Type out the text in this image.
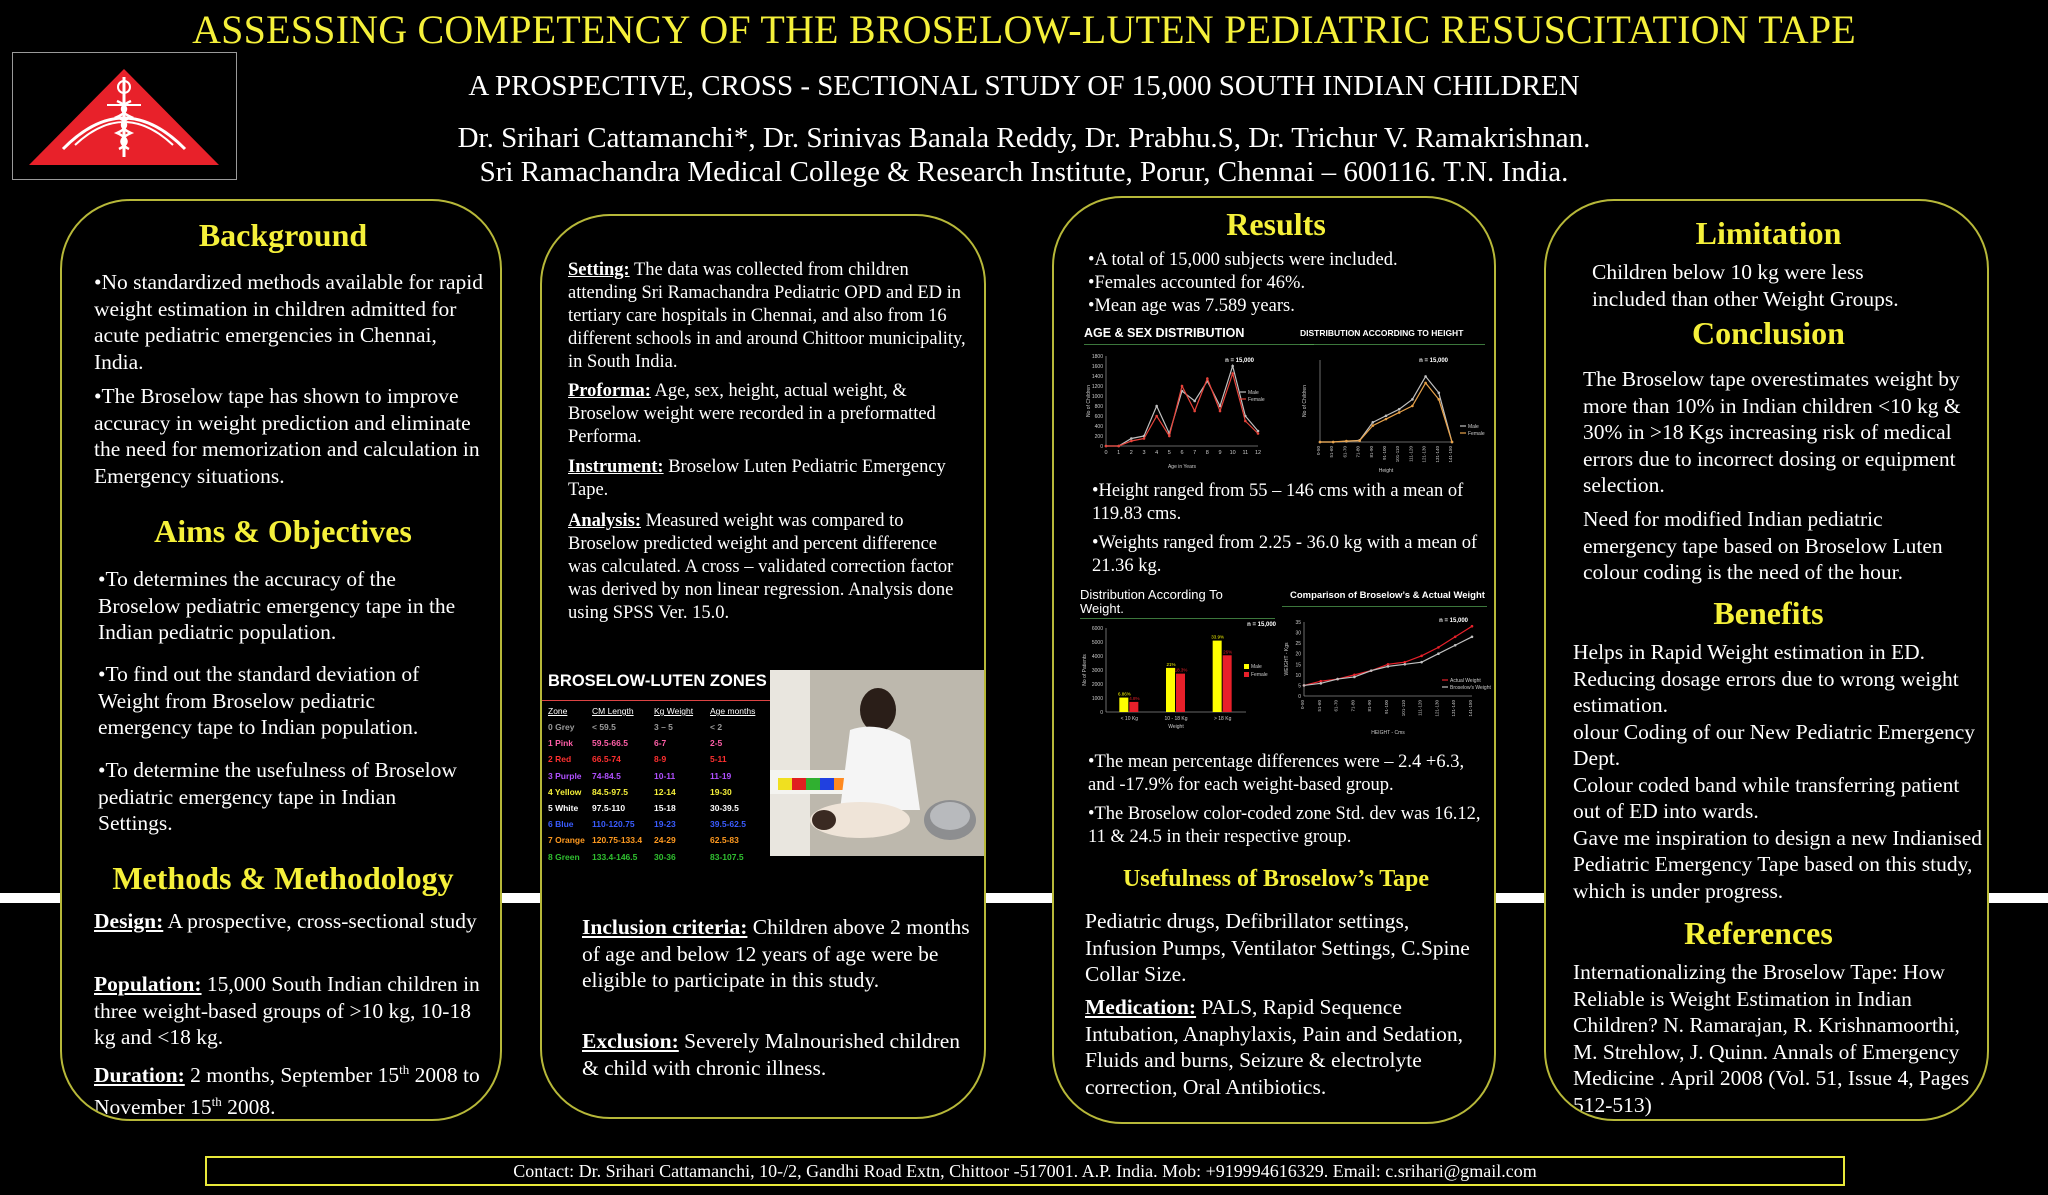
ASSESSING COMPETENCY OF THE BROSELOW-LUTEN PEDIATRIC RESUSCITATION TAPE
A PROSPECTIVE, CROSS - SECTIONAL STUDY OF 15,000 SOUTH INDIAN CHILDREN
Dr. Srihari Cattamanchi*, Dr. Srinivas Banala Reddy, Dr. Prabhu.S, Dr. Trichur V. Ramakrishnan.
Sri Ramachandra Medical College & Research Institute, Porur, Chennai – 600116. T.N. India.
Background
•No standardized methods available for rapid weight estimation in children admitted for acute pediatric emergencies in Chennai, India.
•The Broselow tape has shown to improve accuracy in weight prediction and eliminate the need for memorization and calculation in Emergency situations.
Aims & Objectives
•To determines the accuracy of the Broselow pediatric emergency tape in the Indian pediatric population.
•To find out the standard deviation of Weight from Broselow pediatric emergency tape to Indian population.
•To determine the usefulness of Broselow pediatric emergency tape in Indian Settings.
Methods & Methodology
Design: A prospective, cross-sectional study
Population: 15,000 South Indian children in three weight-based groups of >10 kg, 10-18 kg and <18 kg.
Duration: 2 months, September 15th 2008 to November 15th 2008.
Setting: The data was collected from children attending Sri Ramachandra Pediatric OPD and ED in tertiary care hospitals in Chennai, and also from 16 different schools in and around Chittoor municipality, in South India.
Proforma: Age, sex, height, actual weight, & Broselow weight were recorded in a preformatted Performa.
Instrument: Broselow Luten Pediatric Emergency Tape.
Analysis: Measured weight was compared to Broselow predicted weight and percent difference was calculated. A cross – validated correction factor was derived by non linear regression. Analysis done using SPSS Ver. 15.0.
BROSELOW-LUTEN ZONES
Zone	CM Length	Kg Weight	Age months
0 Grey	< 59.5	3 – 5	< 2
1 Pink	59.5-66.5	6-7	2-5
2 Red	66.5-74	8-9	5-11
3 Purple	74-84.5	10-11	11-19
4 Yellow	84.5-97.5	12-14	19-30
5 White	97.5-110	15-18	30-39.5
6 Blue	110-120.75	19-23	39.5-62.5
7 Orange 120.75-133.4	24-29	62.5-83
8 Green	133.4-146.5	30-36	83-107.5
Inclusion criteria: Children above 2 months of age and below 12 years of age were be eligible to participate in this study.
Exclusion: Severely Malnourished children & child with chronic illness.
Results
•A total of 15,000 subjects were included.
•Females accounted for 46%.
•Mean age was 7.589 years.
AGE & SEX DISTRIBUTION
0
200
400
600
800
1000
1200
1400
1600
1800
0 1 2 3 4 5 6 7 8 9 10 11 12
Male
Female
n = 15,000
Age in Years
No of Children
DISTRIBUTION ACCORDING TO HEIGHT
0-50 51-60 61-70 71-80 81-90 91-100 101-110 111-120 121-130 131-140 141-150
Male
Female
n = 15,000
Height
No of Children
•Height ranged from 55 – 146 cms with a mean of 119.83 cms.
•Weights ranged from 2.25 - 36.0 kg with a mean of 21.36 kg.
Distribution According To Weight.
0
1000
2000
3000
4000
5000
6000
< 10 Kg
6.86%
4.8%
10 - 18 Kg
21%
18.3%
> 18 Kg
33.9%
26%
Male
Female
n = 15,000
Weight
No of Patients
Comparison of Broselow’s & Actual Weight
0
5
10
15
20
25
30
35
0-50	51-60	61-70	71-80	81-90	91-100	101-110	111-120	121-130	131-140	141-150
Actual Weight
Broselow's Weight
n = 15,000
HEIGHT - Cms
WEIGHT - Kgs
•The mean percentage differences were – 2.4 +6.3, and -17.9% for each weight-based group.
•The Broselow color-coded zone Std. dev was 16.12, 11 & 24.5 in their respective group.
Usefulness of Broselow’s Tape
Pediatric drugs, Defibrillator settings, Infusion Pumps, Ventilator Settings, C.Spine Collar Size.
Medication: PALS, Rapid Sequence Intubation, Anaphylaxis, Pain and Sedation, Fluids and burns, Seizure & electrolyte correction, Oral Antibiotics.
Limitation
Children below 10 kg were less included than other Weight Groups.
Conclusion
The Broselow tape overestimates weight by more than 10% in Indian children <10 kg & 30% in >18 Kgs increasing risk of medical errors due to incorrect dosing or equipment selection.
Need for modified Indian pediatric emergency tape based on Broselow Luten colour coding is the need of the hour.
Benefits
Helps in Rapid Weight estimation in ED.
Reducing dosage errors due to wrong weight estimation.
olour Coding of our New Pediatric Emergency Dept.
Colour coded band while transferring patient out of ED into wards.
Gave me inspiration to design a new Indianised Pediatric Emergency Tape based on this study, which is under progress.
References
Internationalizing the Broselow Tape: How Reliable is Weight Estimation in Indian Children? N. Ramarajan, R. Krishnamoorthi, M. Strehlow, J. Quinn. Annals of Emergency Medicine . April 2008 (Vol. 51, Issue 4, Pages 512-513)
Contact: Dr. Srihari Cattamanchi, 10-/2, Gandhi Road Extn, Chittoor -517001. A.P. India. Mob: +919994616329. Email: c.srihari@gmail.com
